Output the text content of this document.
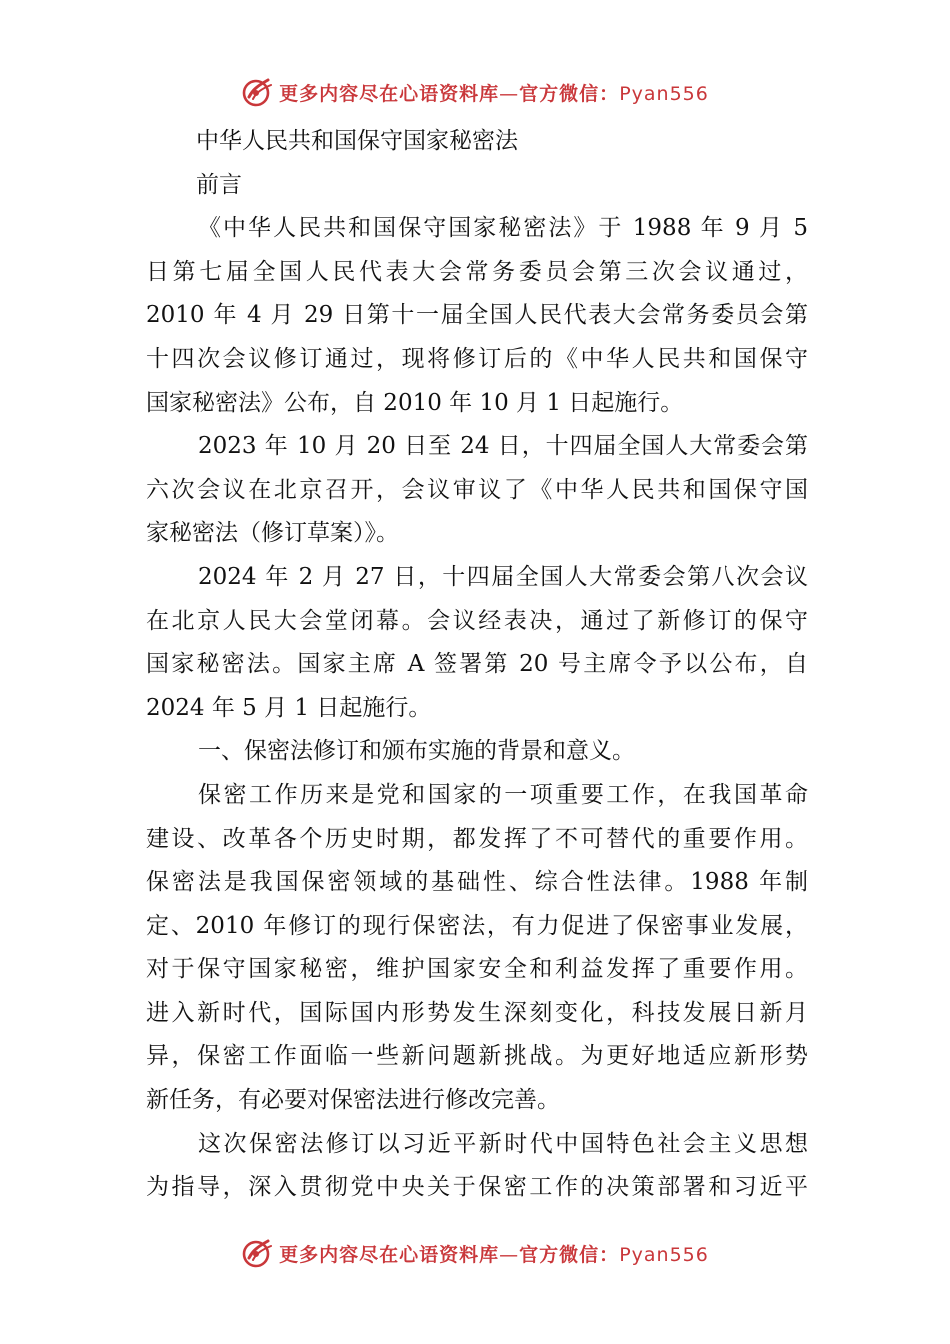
更多内容尽在心语资料库—官方微信：Pyan556
中华人民共和国保守国家秘密法
前言
《中华人民共和国保守国家秘密法》于 1988 年 9 月 5
日第七届全国人民代表大会常务委员会第三次会议通过，
2010 年 4 月 29 日第十一届全国人民代表大会常务委员会第
十四次会议修订通过，现将修订后的《中华人民共和国保守
国家秘密法》公布，自 2010 年 10 月 1 日起施行。
2023 年 10 月 20 日至 24 日，十四届全国人大常委会第
六次会议在北京召开，会议审议了《中华人民共和国保守国
家秘密法（修订草案）》。
2024 年 2 月 27 日，十四届全国人大常委会第八次会议
在北京人民大会堂闭幕。会议经表决，通过了新修订的保守
国家秘密法。国家主席 A 签署第 20 号主席令予以公布，自
2024 年 5 月 1 日起施行。
一、保密法修订和颁布实施的背景和意义。
保密工作历来是党和国家的一项重要工作，在我国革命
建设、改革各个历史时期，都发挥了不可替代的重要作用。
保密法是我国保密领域的基础性、综合性法律。1988 年制
定、2010 年修订的现行保密法，有力促进了保密事业发展，
对于保守国家秘密，维护国家安全和利益发挥了重要作用。
进入新时代，国际国内形势发生深刻变化，科技发展日新月
异，保密工作面临一些新问题新挑战。为更好地适应新形势
新任务，有必要对保密法进行修改完善。
这次保密法修订以习近平新时代中国特色社会主义思想
为指导，深入贯彻党中央关于保密工作的决策部署和习近平
更多内容尽在心语资料库—官方微信：Pyan556
